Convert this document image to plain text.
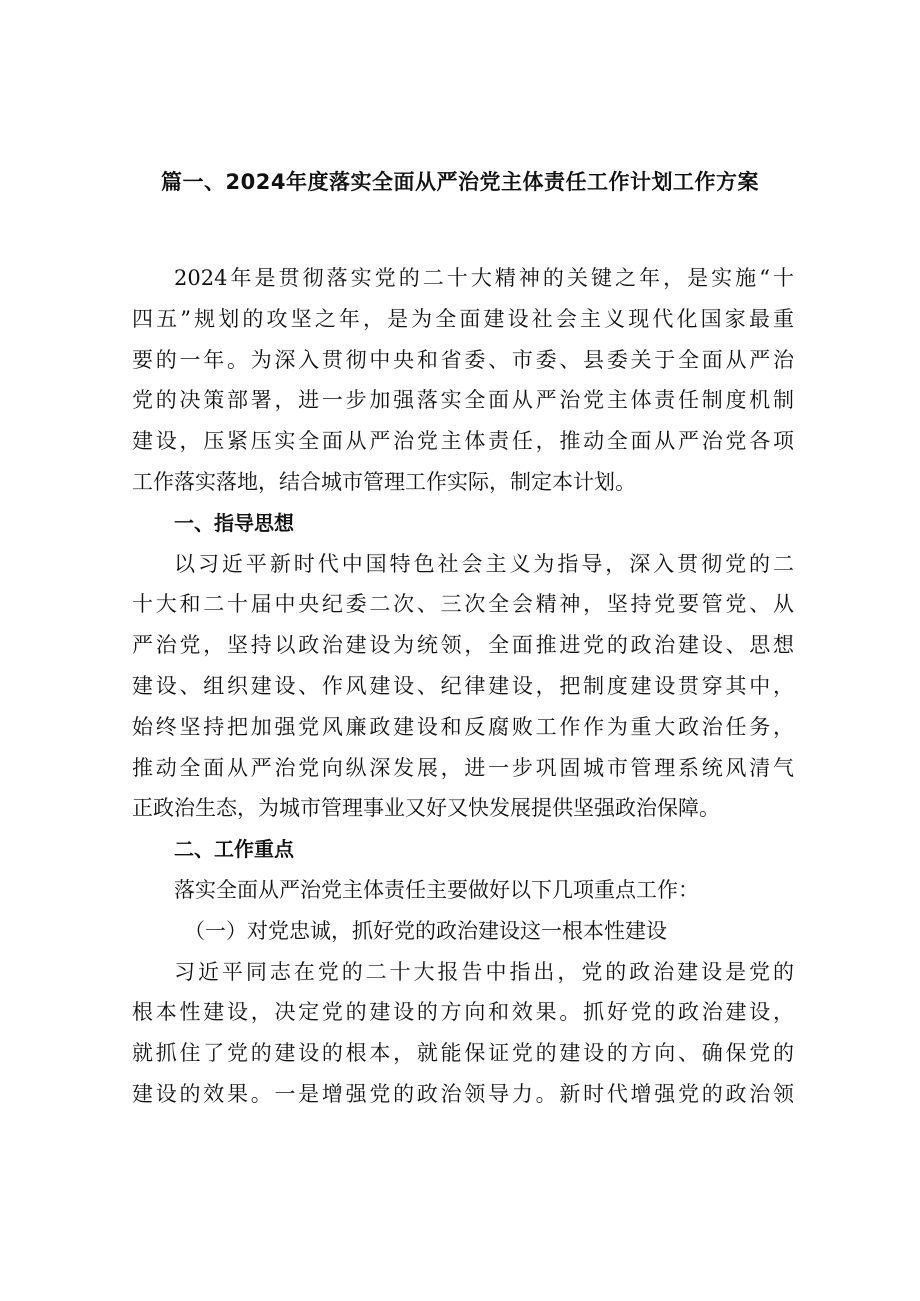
篇一、2024年度落实全面从严治党主体责任工作计划工作方案
2024年是贯彻落实党的二十大精神的关键之年，是实施“十
四五”规划的攻坚之年，是为全面建设社会主义现代化国家最重
要的一年。为深入贯彻中央和省委、市委、县委关于全面从严治
党的决策部署，进一步加强落实全面从严治党主体责任制度机制
建设，压紧压实全面从严治党主体责任，推动全面从严治党各项
工作落实落地，结合城市管理工作实际，制定本计划。
一、指导思想
以习近平新时代中国特色社会主义为指导，深入贯彻党的二
十大和二十届中央纪委二次、三次全会精神，坚持党要管党、从
严治党，坚持以政治建设为统领，全面推进党的政治建设、思想
建设、组织建设、作风建设、纪律建设，把制度建设贯穿其中，
始终坚持把加强党风廉政建设和反腐败工作作为重大政治任务，
推动全面从严治党向纵深发展，进一步巩固城市管理系统风清气
正政治生态，为城市管理事业又好又快发展提供坚强政治保障。
二、工作重点
落实全面从严治党主体责任主要做好以下几项重点工作：
（一）对党忠诚，抓好党的政治建设这一根本性建设
习近平同志在党的二十大报告中指出，党的政治建设是党的
根本性建设，决定党的建设的方向和效果。抓好党的政治建设，
就抓住了党的建设的根本，就能保证党的建设的方向、确保党的
建设的效果。一是增强党的政治领导力。新时代增强党的政治领
